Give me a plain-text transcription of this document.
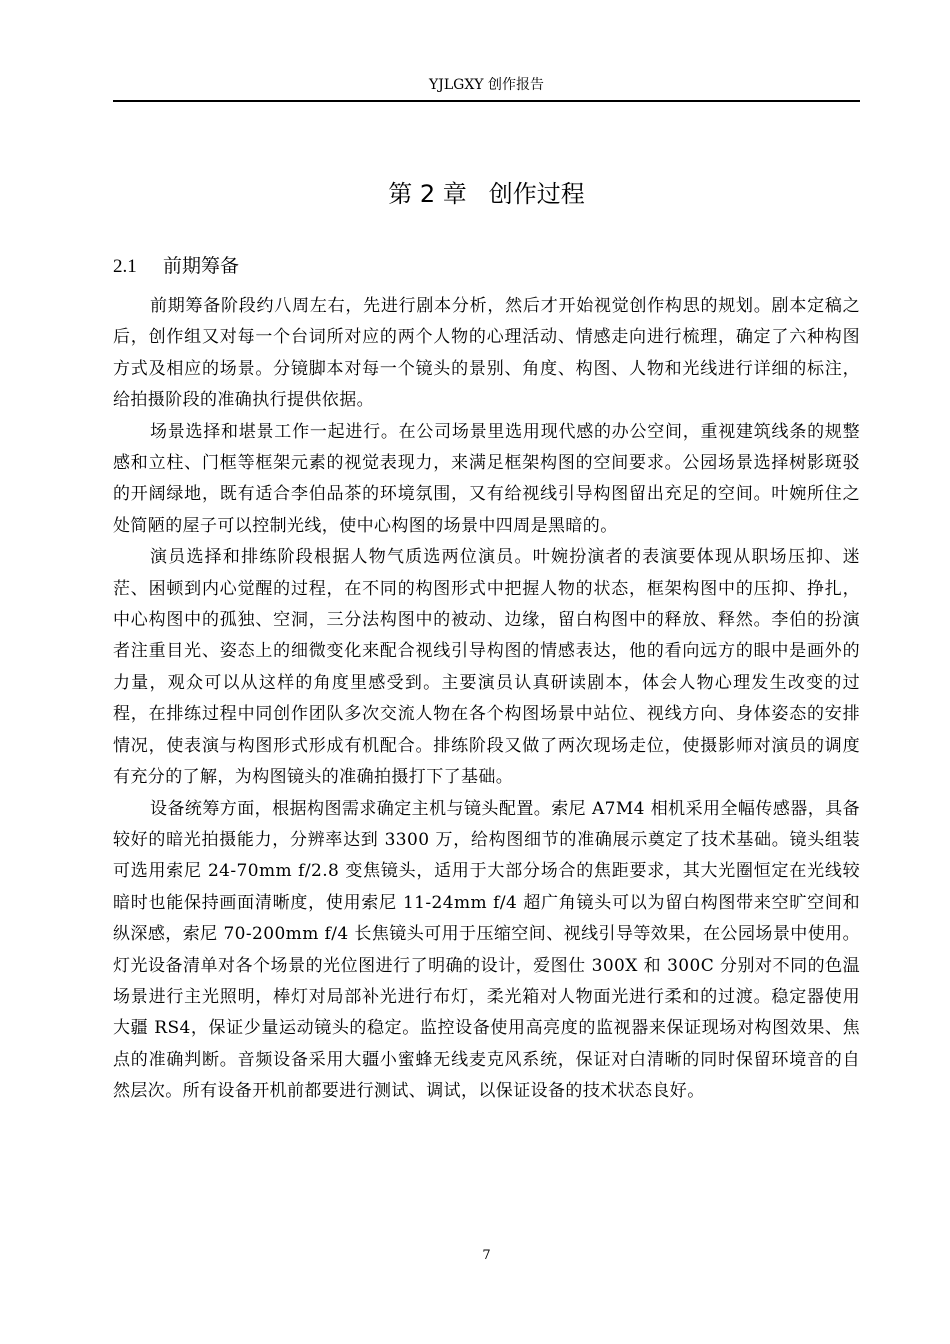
YJLGXY 创作报告
第 2 章 创作过程
2.1 前期筹备

前期筹备阶段约八周左右，先进行剧本分析，然后才开始视觉创作构思的规划。剧本定稿之后，创作组又对每一个台词所对应的两个人物的心理活动、情感走向进行梳理，确定了六种构图方式及相应的场景。分镜脚本对每一个镜头的景别、角度、构图、人物和光线进行详细的标注，给拍摄阶段的准确执行提供依据。

场景选择和堪景工作一起进行。在公司场景里选用现代感的办公空间，重视建筑线条的规整感和立柱、门框等框架元素的视觉表现力，来满足框架构图的空间要求。公园场景选择树影斑驳的开阔绿地，既有适合李伯品茶的环境氛围，又有给视线引导构图留出充足的空间。叶婉所住之处简陋的屋子可以控制光线，使中心构图的场景中四周是黑暗的。

演员选择和排练阶段根据人物气质选两位演员。叶婉扮演者的表演要体现从职场压抑、迷茫、困顿到内心觉醒的过程，在不同的构图形式中把握人物的状态，框架构图中的压抑、挣扎，中心构图中的孤独、空洞，三分法构图中的被动、边缘，留白构图中的释放、释然。李伯的扮演者注重目光、姿态上的细微变化来配合视线引导构图的情感表达，他的看向远方的眼中是画外的力量，观众可以从这样的角度里感受到。主要演员认真研读剧本，体会人物心理发生改变的过程，在排练过程中同创作团队多次交流人物在各个构图场景中站位、视线方向、身体姿态的安排情况，使表演与构图形式形成有机配合。排练阶段又做了两次现场走位，使摄影师对演员的调度有充分的了解，为构图镜头的准确拍摄打下了基础。

设备统筹方面，根据构图需求确定主机与镜头配置。索尼 A7M4 相机采用全幅传感器，具备较好的暗光拍摄能力，分辨率达到 3300 万，给构图细节的准确展示奠定了技术基础。镜头组装可选用索尼 24-70mm f/2.8 变焦镜头，适用于大部分场合的焦距要求，其大光圈恒定在光线较暗时也能保持画面清晰度，使用索尼 11-24mm f/4 超广角镜头可以为留白构图带来空旷空间和纵深感，索尼 70-200mm f/4 长焦镜头可用于压缩空间、视线引导等效果，在公园场景中使用。灯光设备清单对各个场景的光位图进行了明确的设计，爱图仕 300X 和 300C 分别对不同的色温场景进行主光照明，棒灯对局部补光进行布灯，柔光箱对人物面光进行柔和的过渡。稳定器使用大疆 RS4，保证少量运动镜头的稳定。监控设备使用高亮度的监视器来保证现场对构图效果、焦点的准确判断。音频设备采用大疆小蜜蜂无线麦克风系统，保证对白清晰的同时保留环境音的自然层次。所有设备开机前都要进行测试、调试，以保证设备的技术状态良好。

7
